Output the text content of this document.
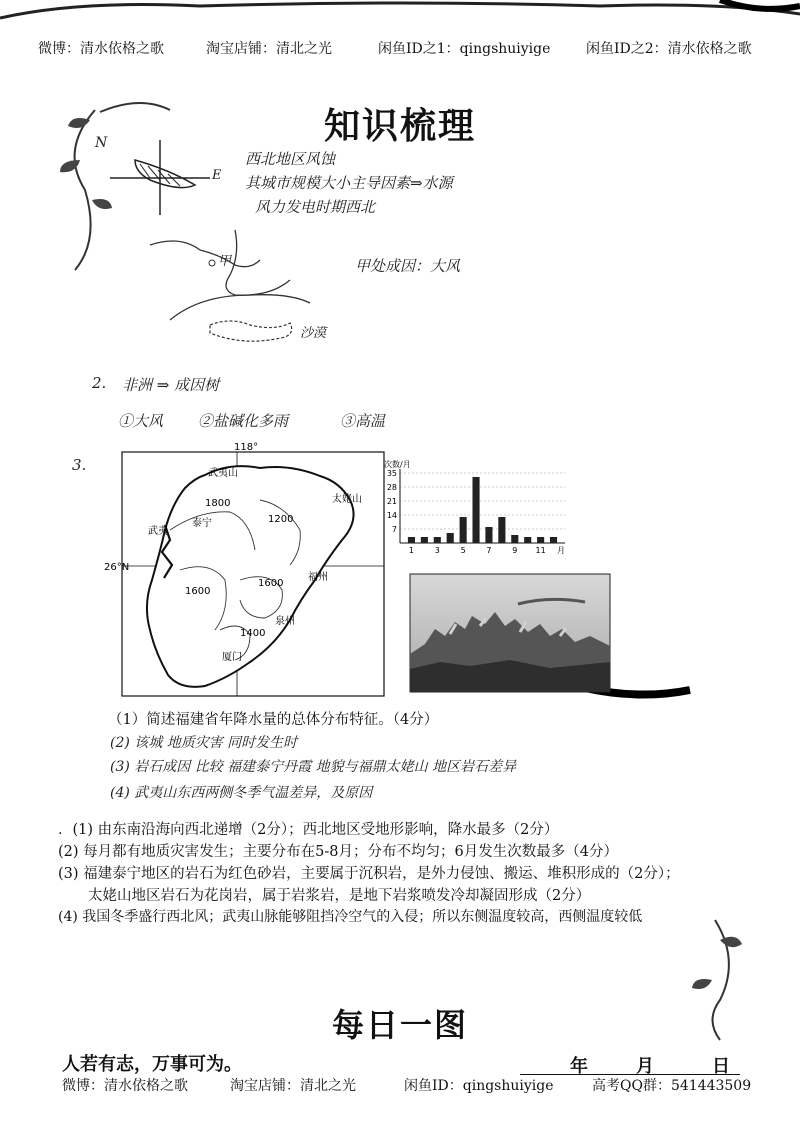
微博：清水依格之歌	淘宝店铺：清北之光	闲鱼ID之1：qingshuiyige	闲鱼ID之2：清水依格之歌
知识梳理
N
E
西北地区风蚀
其城市规模大小主导因素⇒水源
风力发电时期西北
甲	甲处成因：大风
沙漠
2. 非洲 ⇒ 成因树
①大风 ②盐碱化多雨	③高温
3.
118°
26°N
武夷山
泰宁
武夷
太姥山
福州
泉州
厦门
1800
1200
1600
1600
1400
次数/月
7
14
21
28
35
1	3	5	7	9 11 月
（1）简述福建省年降水量的总体分布特征。（4分）
(2) 该城 地质灾害 同时发生时
(3) 岩石成因 比较 福建泰宁丹霞 地貌与福鼎太姥山 地区岩石差异
(4) 武夷山东西两侧冬季气温差异，及原因
．(1) 由东南沿海向西北递增（2分）；西北地区受地形影响，降水最多（2分）
(2) 每月都有地质灾害发生；主要分布在5-8月；分布不均匀；6月发生次数最多（4分）
(3) 福建泰宁地区的岩石为红色砂岩，主要属于沉积岩，是外力侵蚀、搬运、堆积形成的（2分）；
太姥山地区岩石为花岗岩，属于岩浆岩，是地下岩浆喷发冷却凝固形成（2分）
(4) 我国冬季盛行西北风；武夷山脉能够阻挡冷空气的入侵；所以东侧温度较高，西侧温度较低
每日一图
人若有志，万事可为。	年	月	日
微博：清水依格之歌	淘宝店铺：清北之光	闲鱼ID：qingshuiyige	高考QQ群：541443509
